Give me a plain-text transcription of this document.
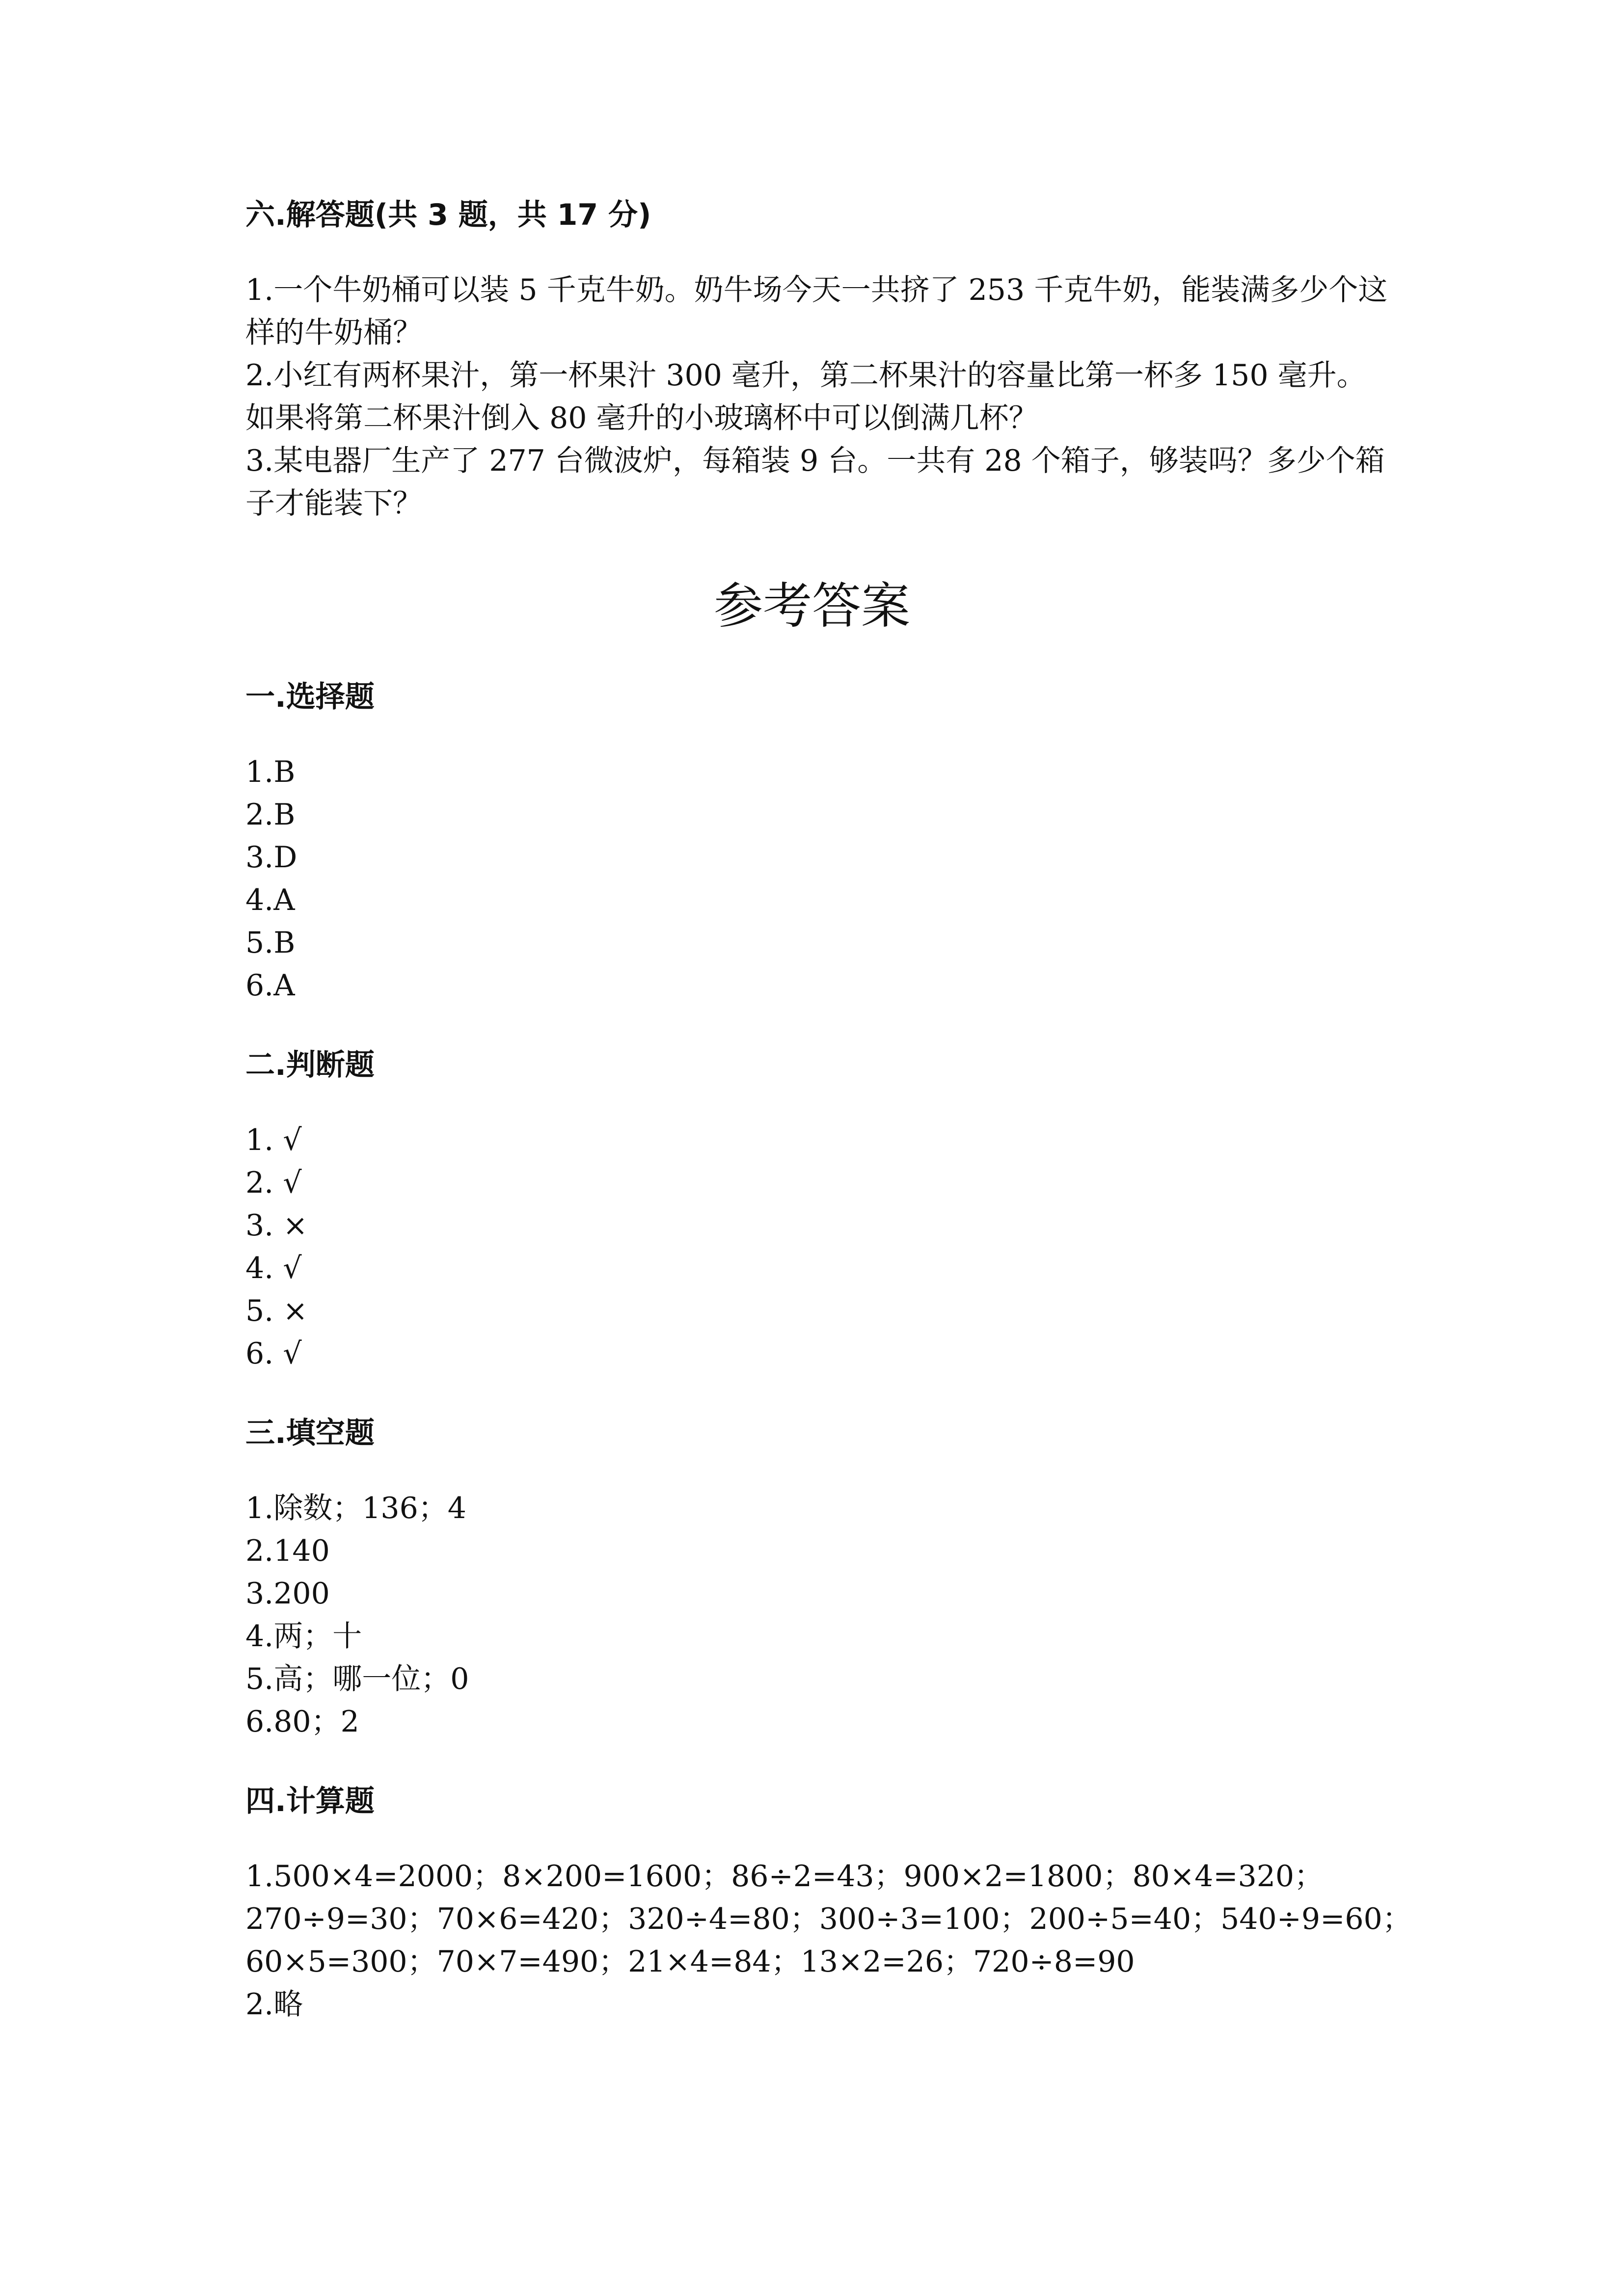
六.解答题(共 3 题，共 17 分)

1.一个牛奶桶可以装 5 千克牛奶。奶牛场今天一共挤了 253 千克牛奶，能装满多少个这样的牛奶桶？

2.小红有两杯果汁，第一杯果汁 300 毫升，第二杯果汁的容量比第一杯多 150 毫升。如果将第二杯果汁倒入 80 毫升的小玻璃杯中可以倒满几杯？

3.某电器厂生产了 277 台微波炉，每箱装 9 台。一共有 28 个箱子，够装吗？多少个箱子才能装下？

参考答案
一.选择题

1.B

2.B

3.D

4.A

5.B

6.A

二.判断题

1. √

2. √

3. ×

4. √

5. ×

6. √

三.填空题

1.除数；136；4

2.140

3.200

4.两；十

5.高；哪一位；0

6.80；2

四.计算题

1.500×4=2000；8×200=1600；86÷2=43；900×2=1800；80×4=320；

270÷9=30；70×6=420；320÷4=80；300÷3=100；200÷5=40；540÷9=60；

60×5=300；70×7=490；21×4=84；13×2=26；720÷8=90

2.略
